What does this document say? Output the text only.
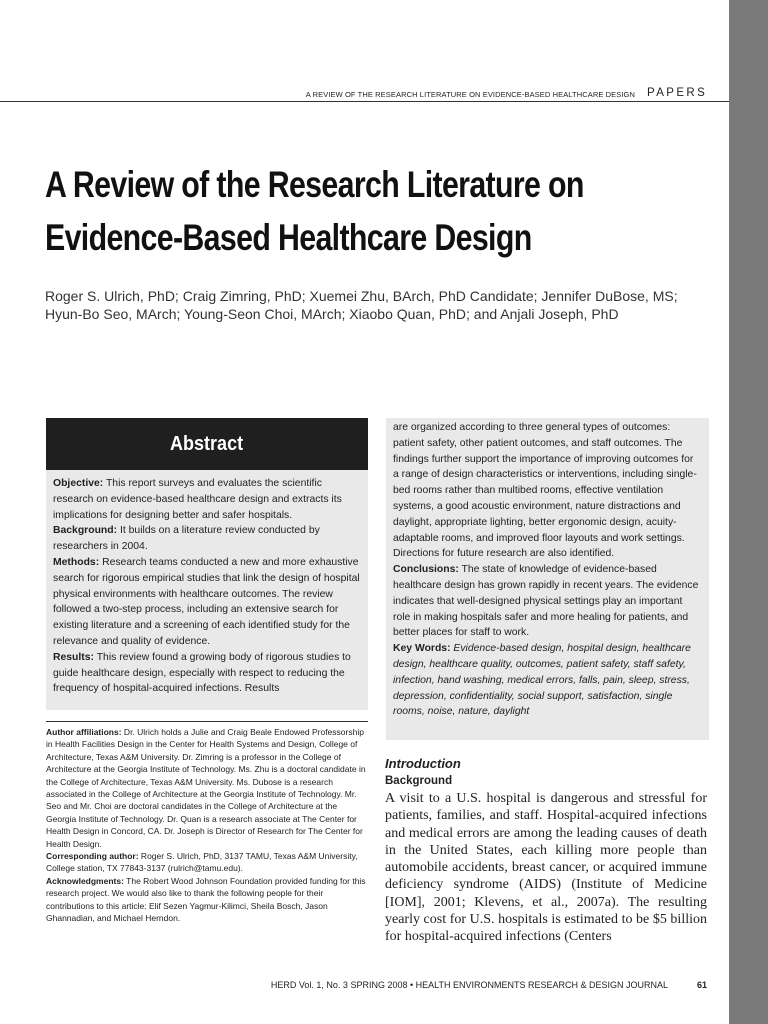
A REVIEW OF THE RESEARCH LITERATURE ON EVIDENCE-BASED HEALTHCARE DESIGN PAPERS
A Review of the Research Literature on
Evidence-Based Healthcare Design
Roger S. Ulrich, PhD; Craig Zimring, PhD; Xuemei Zhu, BArch, PhD Candidate; Jennifer DuBose, MS; Hyun-Bo Seo, MArch; Young-Seon Choi, MArch; Xiaobo Quan, PhD; and Anjali Joseph, PhD
Abstract

Objective: This report surveys and evaluates the scientific research on evidence-based healthcare design and extracts its implications for designing better and safer hospitals.

Background: It builds on a literature review conducted by researchers in 2004.

Methods: Research teams conducted a new and more exhaustive search for rigorous empirical studies that link the design of hospital physical environments with healthcare outcomes. The review followed a two-step process, including an extensive search for existing literature and a screening of each identified study for the relevance and quality of evidence.

Results: This review found a growing body of rigorous studies to guide healthcare design, especially with respect to reducing the frequency of hospital-acquired infections. Results

are organized according to three general types of outcomes: patient safety, other patient outcomes, and staff outcomes. The findings further support the importance of improving outcomes for a range of design characteristics or interventions, including single-bed rooms rather than multibed rooms, effective ventilation systems, a good acoustic environment, nature distractions and daylight, appropriate lighting, better ergonomic design, acuity-adaptable rooms, and improved floor layouts and work settings. Directions for future research are also identified.

Conclusions: The state of knowledge of evidence-based healthcare design has grown rapidly in recent years. The evidence indicates that well-designed physical settings play an important role in making hospitals safer and more healing for patients, and better places for staff to work.

Key Words: Evidence-based design, hospital design, healthcare design, healthcare quality, outcomes, patient safety, staff safety, infection, hand washing, medical errors, falls, pain, sleep, stress, depression, confidentiality, social support, satisfaction, single rooms, noise, nature, daylight

Author affiliations: Dr. Ulrich holds a Julie and Craig Beale Endowed Professorship in Health Facilities Design in the Center for Health Systems and Design, College of Architecture, Texas A&M University. Dr. Zimring is a professor in the College of Architecture at the Georgia Institute of Technology. Ms. Zhu is a doctoral candidate in the College of Architecture, Texas A&M University. Ms. Dubose is a research associated in the College of Architecture at the Georgia Institute of Technology. Mr. Seo and Mr. Choi are doctoral candidates in the College of Architecture at the Georgia Institute of Technology. Dr. Quan is a research associate at The Center for Health Design in Concord, CA. Dr. Joseph is Director of Research for The Center for Health Design.

Corresponding author: Roger S. Ulrich, PhD, 3137 TAMU, Texas A&M University, College station, TX 77843-3137 (rulrich@tamu.edu).

Acknowledgments: The Robert Wood Johnson Foundation provided funding for this research project. We would also like to thank the following people for their contributions to this article: Elif Sezen Yagmur-Kilimci, Sheila Bosch, Jason Ghannadian, and Michael Herndon.

Introduction
Background

A visit to a U.S. hospital is dangerous and stressful for patients, families, and staff. Hospital-acquired infections and medical errors are among the leading causes of death in the United States, each killing more people than automobile accidents, breast cancer, or acquired immune deficiency syndrome (AIDS) (Institute of Medicine [IOM], 2001; Klevens, et al., 2007a). The resulting yearly cost for U.S. hospitals is estimated to be $5 billion for hospital-acquired infections (Centers

HERD Vol. 1, No. 3 SPRING 2008 • HEALTH ENVIRONMENTS RESEARCH & DESIGN JOURNAL	61
